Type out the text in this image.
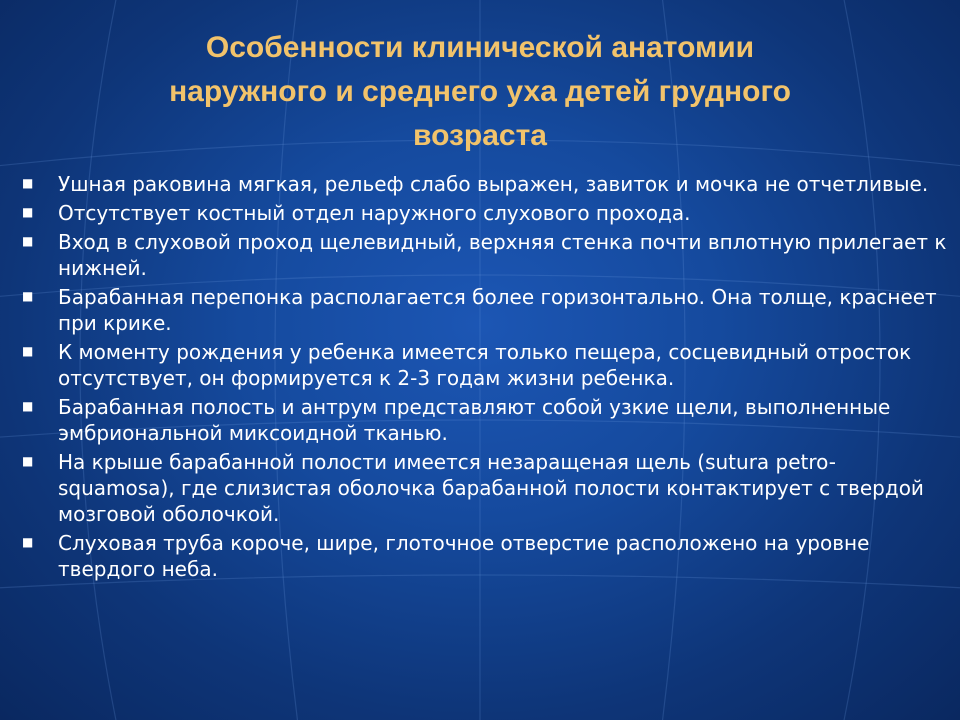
Особенности клинической анатомии
наружного и среднего уха детей грудного
возраста
■ Ушная раковина мягкая, рельеф слабо выражен, завиток и мочка не отчетливые.
■ Отсутствует костный отдел наружного слухового прохода.
■ Вход в слуховой проход щелевидный, верхняя стенка почти вплотную прилегает к нижней.
■ Барабанная перепонка располагается более горизонтально. Она толще, краснеет при крике.
■ К моменту рождения у ребенка имеется только пещера, сосцевидный отросток отсутствует, он формируется к 2-3 годам жизни ребенка.
■ Барабанная полость и антрум представляют собой узкие щели, выполненные эмбриональной миксоидной тканью.
■ На крыше барабанной полости имеется незаращеная щель (sutura petro-squamosa), где слизистая оболочка барабанной полости контактирует с твердой мозговой оболочкой.
■ Слуховая труба короче, шире, глоточное отверстие расположено на уровне твердого неба.
